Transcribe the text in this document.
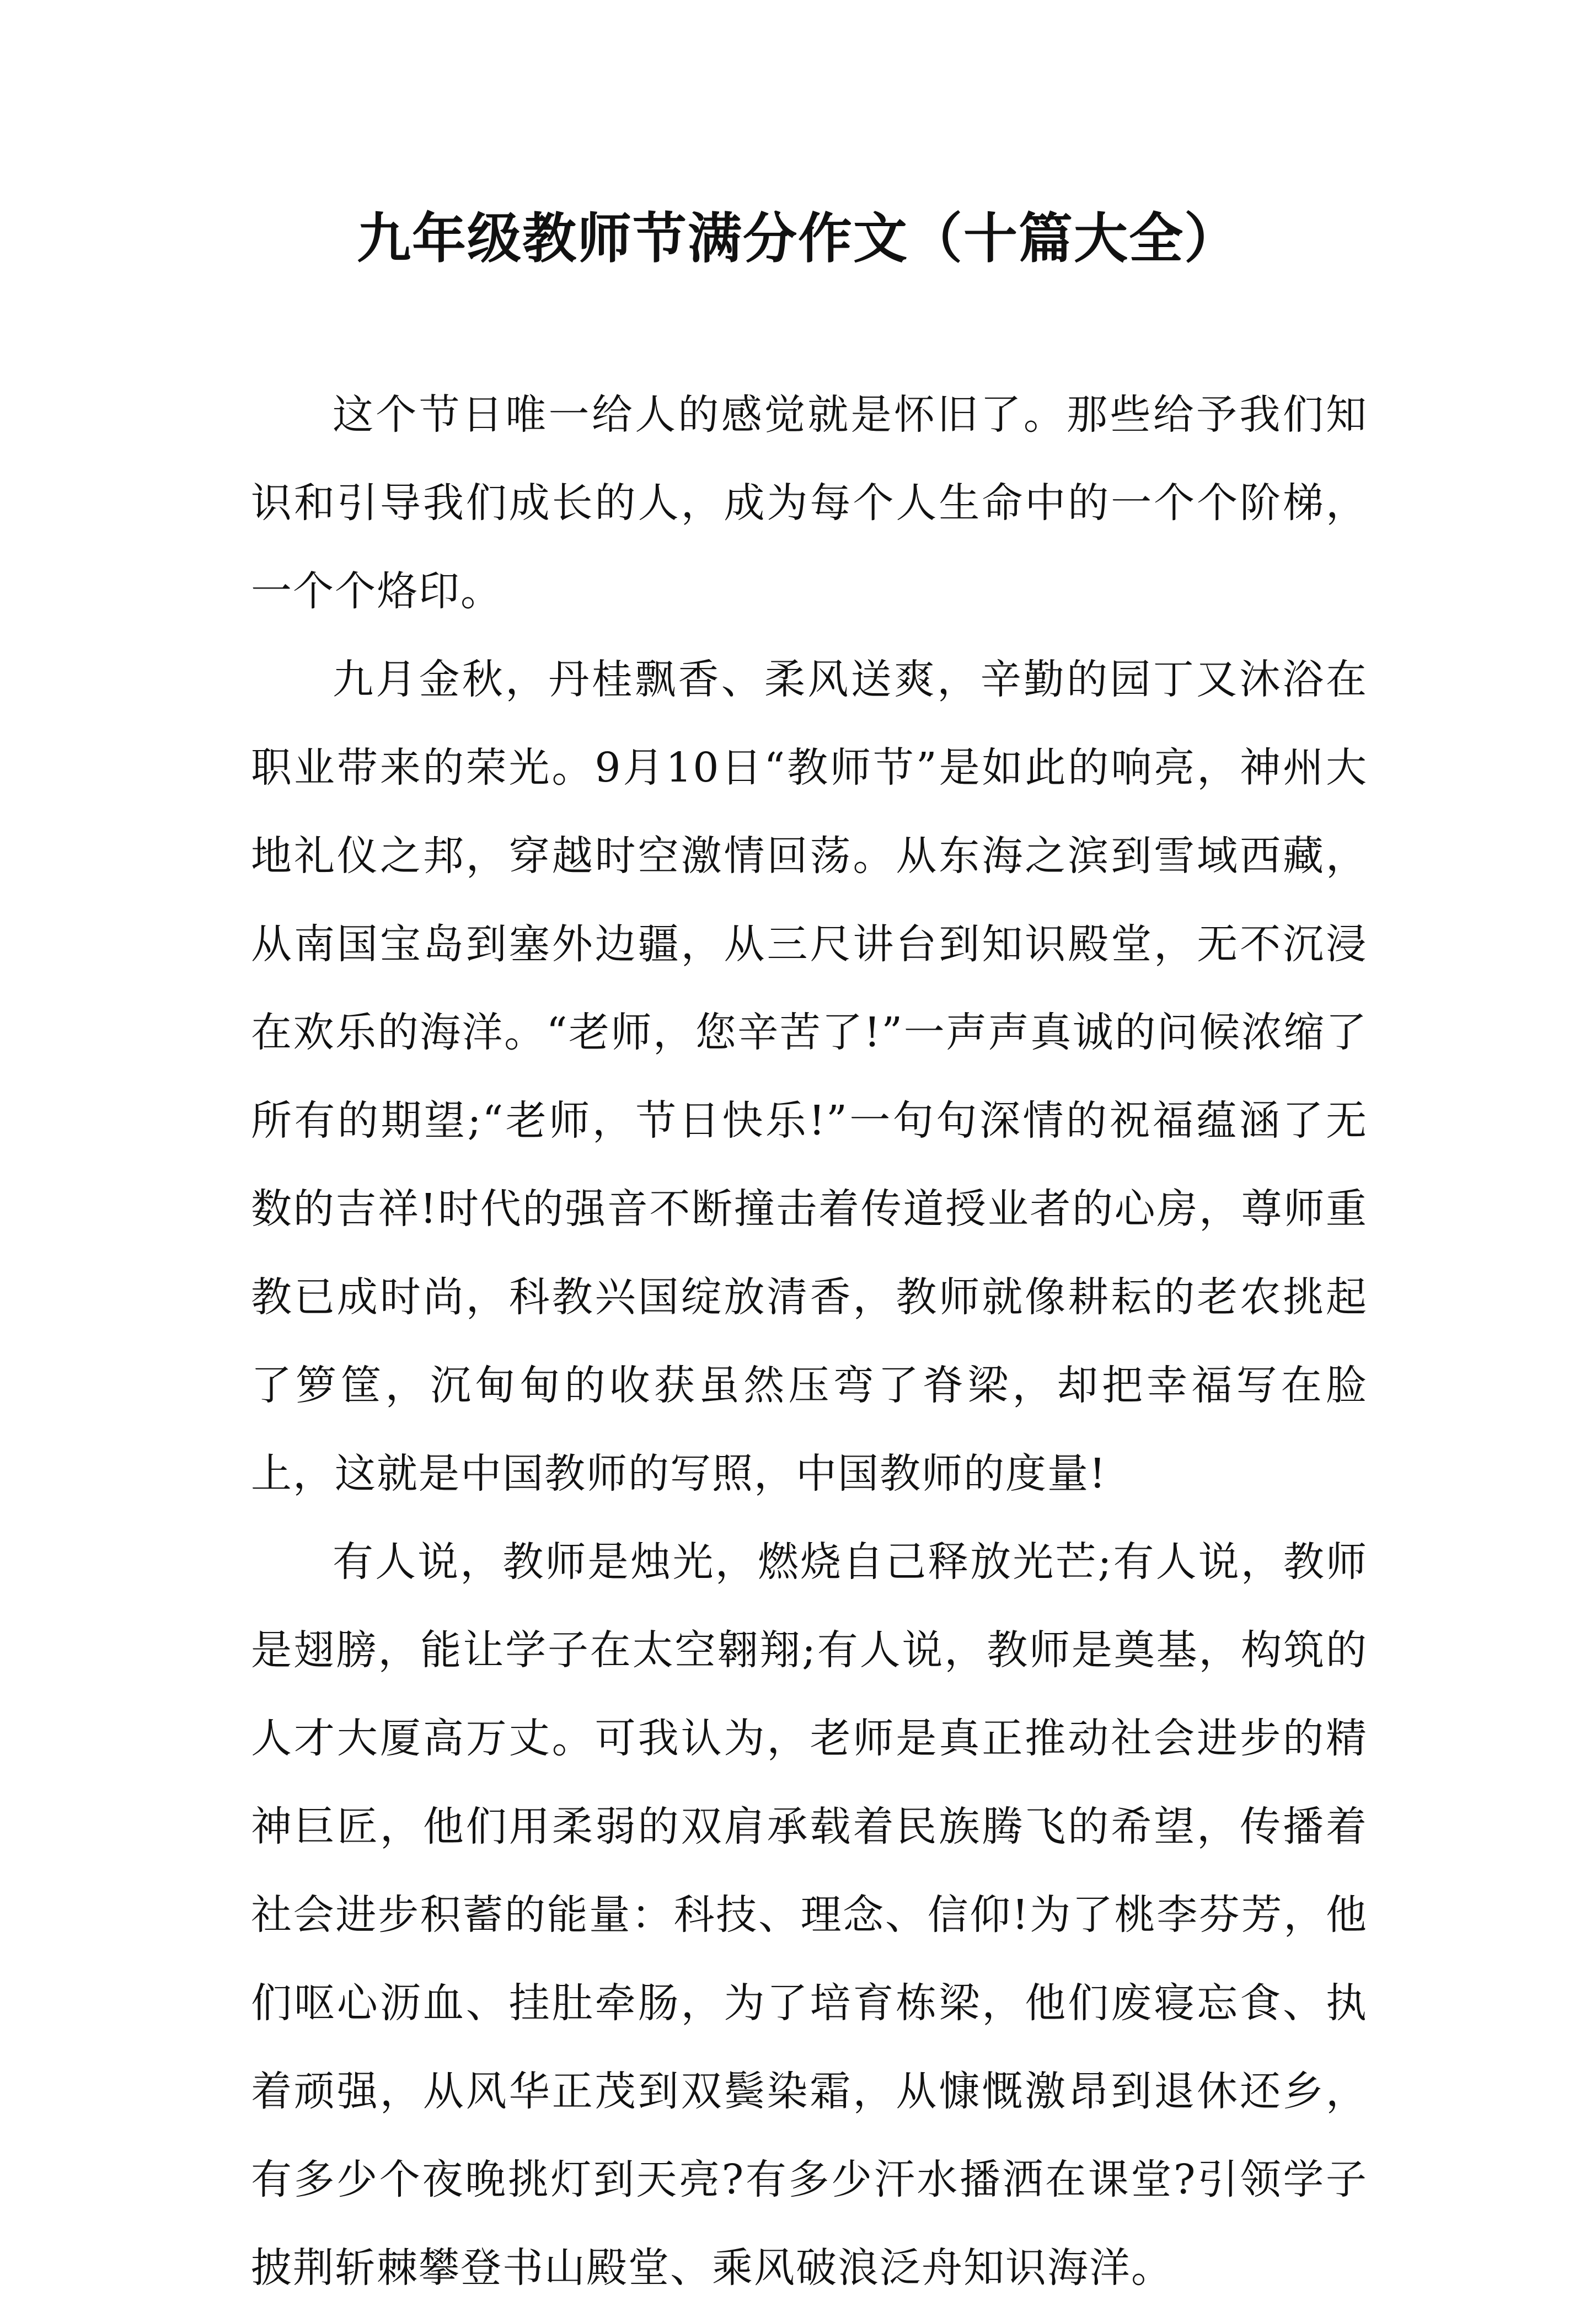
九年级教师节满分作文（十篇大全）

这个节日唯一给人的感觉就是怀旧了。那些给予我们知识和引导我们成长的人，成为每个人生命中的一个个阶梯，一个个烙印。

九月金秋，丹桂飘香、柔风送爽，辛勤的园丁又沐浴在职业带来的荣光。9月10日“教师节”是如此的响亮，神州大地礼仪之邦，穿越时空激情回荡。从东海之滨到雪域西藏，从南国宝岛到塞外边疆，从三尺讲台到知识殿堂，无不沉浸在欢乐的海洋。“老师，您辛苦了!”一声声真诚的问候浓缩了所有的期望;“老师，节日快乐!”一句句深情的祝福蕴涵了无数的吉祥!时代的强音不断撞击着传道授业者的心房，尊师重教已成时尚，科教兴国绽放清香，教师就像耕耘的老农挑起了箩筐，沉甸甸的收获虽然压弯了脊梁，却把幸福写在脸上，这就是中国教师的写照，中国教师的度量!

有人说，教师是烛光，燃烧自己释放光芒;有人说，教师是翅膀，能让学子在太空翱翔;有人说，教师是奠基，构筑的人才大厦高万丈。可我认为，老师是真正推动社会进步的精神巨匠，他们用柔弱的双肩承载着民族腾飞的希望，传播着社会进步积蓄的能量：科技、理念、信仰!为了桃李芬芳，他们呕心沥血、挂肚牵肠，为了培育栋梁，他们废寝忘食、执着顽强，从风华正茂到双鬓染霜，从慷慨激昂到退休还乡，有多少个夜晚挑灯到天亮?有多少汗水播洒在课堂?引领学子披荆斩棘攀登书山殿堂、乘风破浪泛舟知识海洋。
